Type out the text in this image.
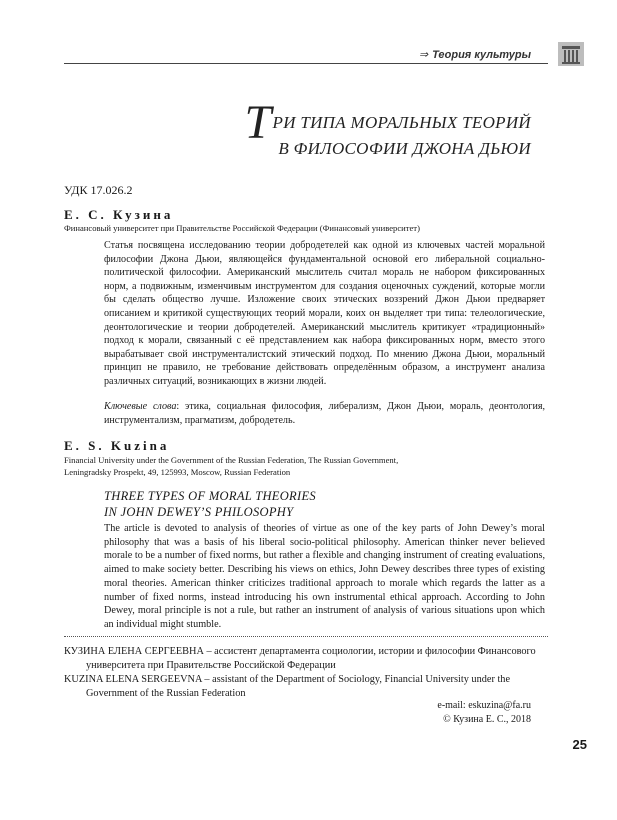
⇒ Теория культуры
ТРИ ТИПА МОРАЛЬНЫХ ТЕОРИЙ
В ФИЛОСОФИИ ДЖОНА ДЬЮИ
УДК 17.026.2
Е. С. Кузина
Финансовый университет при Правительстве Российской Федерации (Финансовый университет)
Статья посвящена исследованию теории добродетелей как одной из ключевых частей моральной философии Джона Дьюи, являющейся фундаментальной основой его либеральной социально-политической философии. Американский мыслитель считал мораль не набором фиксированных норм, а подвижным, изменчивым инструментом для создания оценочных суждений, которые могли бы сделать общество лучше. Изложение своих этических воззрений Джон Дьюи предваряет описанием и критикой существующих теорий морали, коих он выделяет три типа: телеологические, деонтологические и теории добродетелей. Американский мыслитель критикует «традиционный» подход к морали, связанный с её представлением как набора фиксированных норм, вместо этого вырабатывает свой инструменталистский этический подход. По мнению Джона Дьюи, моральный принцип не правило, не требование действовать определённым образом, а инструмент анализа различных ситуаций, возникающих в жизни людей.
Ключевые слова: этика, социальная философия, либерализм, Джон Дьюи, мораль, деонтология, инструментализм, прагматизм, добродетель.
E. S. Kuzina
Financial University under the Government of the Russian Federation, The Russian Government,
Leningradsky Prospekt, 49, 125993, Moscow, Russian Federation
THREE TYPES OF MORAL THEORIES
IN JOHN DEWEY’S PHILOSOPHY
The article is devoted to analysis of theories of virtue as one of the key parts of John Dewey’s moral philosophy that was a basis of his liberal socio-political philosophy. American thinker never believed morale to be a number of fixed norms, but rather a flexible and changing instrument of creating evaluations, aimed to make society better. Describing his views on ethics, John Dewey describes three types of existing moral theories. American thinker criticizes traditional approach to morale which regards the latter as a number of fixed norms, instead introducing his own instrumental ethical approach. According to John Dewey, moral principle is not a rule, but rather an instrument of analysis of various situations upon which an individual might stumble.
КУЗИНА ЕЛЕНА СЕРГЕЕВНА – ассистент департамента социологии, истории и философии Финансового университета при Правительстве Российской Федерации
KUZINA ELENA SERGEEVNA – assistant of the Department of Sociology, Financial University under the Government of the Russian Federation
e-mail: eskuzina@fa.ru
© Кузина Е. С., 2018
25
